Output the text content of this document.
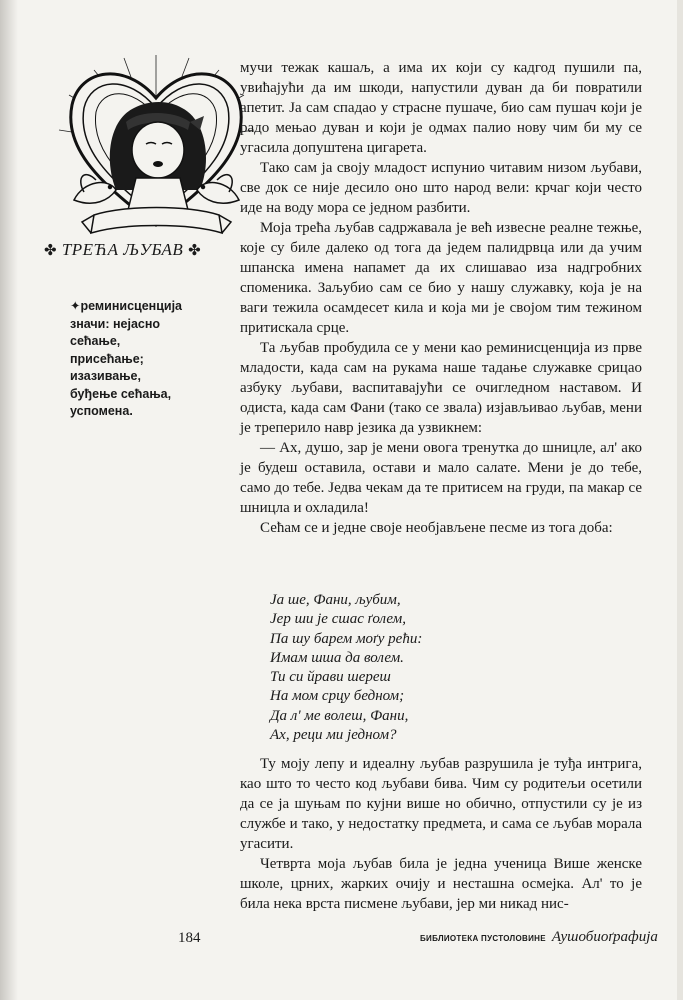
✤ ТРЕЋА ЉУБАВ ✤
✦реминисценција значи: нејасно сећање, присећање; изазивање, буђење сећања, успомена.

мучи тежак кашаљ, а има их који су кадгод пушили па, увићајући да им шкоди, напустили дуван да би повратили апетит. Ја сам спадао у страсне пушаче, био сам пушач који је радо мењао дуван и који је одмах палио нову чим би му се угасила допуштена цигарета.

Тако сам ја своју младост испунио читавим низом љубави, све док се није десило оно што народ вели: крчаг који често иде на воду мора се једном разбити.

Моја трећа љубав садржавала је већ извесне реалне тежње, које су биле далеко од тога да једем палидрвца или да учим шпанска имена напамет да их слишавао иза надгробних споменика. Заљубио сам се био у нашу служавку, која је на ваги тежила осамдесет кила и која ми је својом тим тежином притискала срце.

Та љубав пробудила се у мени као реминисценција из прве младости, када сам на рукама наше тадање служавке срицао азбуку љубави, васпитавајући се очигледном наставом. И одиста, када сам Фани (тако се звала) изјављивао љубав, мени је треперило навр језика да узвикнем:

— Ах, душо, зар је мени овога тренутка до шницле, ал' ако је будеш оставила, остави и мало салате. Мени је до тебе, само до тебе. Једва чекам да те притисем на груди, па макар се шницла и охладила!

Сећам се и једне своје необјављене песме из тога доба:

Ја ше, Фани, љубим,
Јер ши је сшас ґолем,
Па шу барем моґу рећи:
Имам шша да волем.
Ти си йрави шереш
На мом срцу бедном;
Да л' ме волеш, Фани,
Ах, реци ми једном?

Ту моју лепу и идеалну љубав разрушила је туђа интрига, као што то често код љубави бива. Чим су родитељи осетили да се ја шуњам по кујни више но обично, отпустили су је из службе и тако, у недостатку предмета, и сама се љубав морала угасити.

Четврта моја љубав била је једна ученица Више женске школе, црних, жарких очију и несташна осмејка. Ал' то је била нека врста писмене љубави, јер ми никад нис-

184	БИБЛИОТЕКА ПУСТОЛОВИНЕ Аушобиоґрафија
